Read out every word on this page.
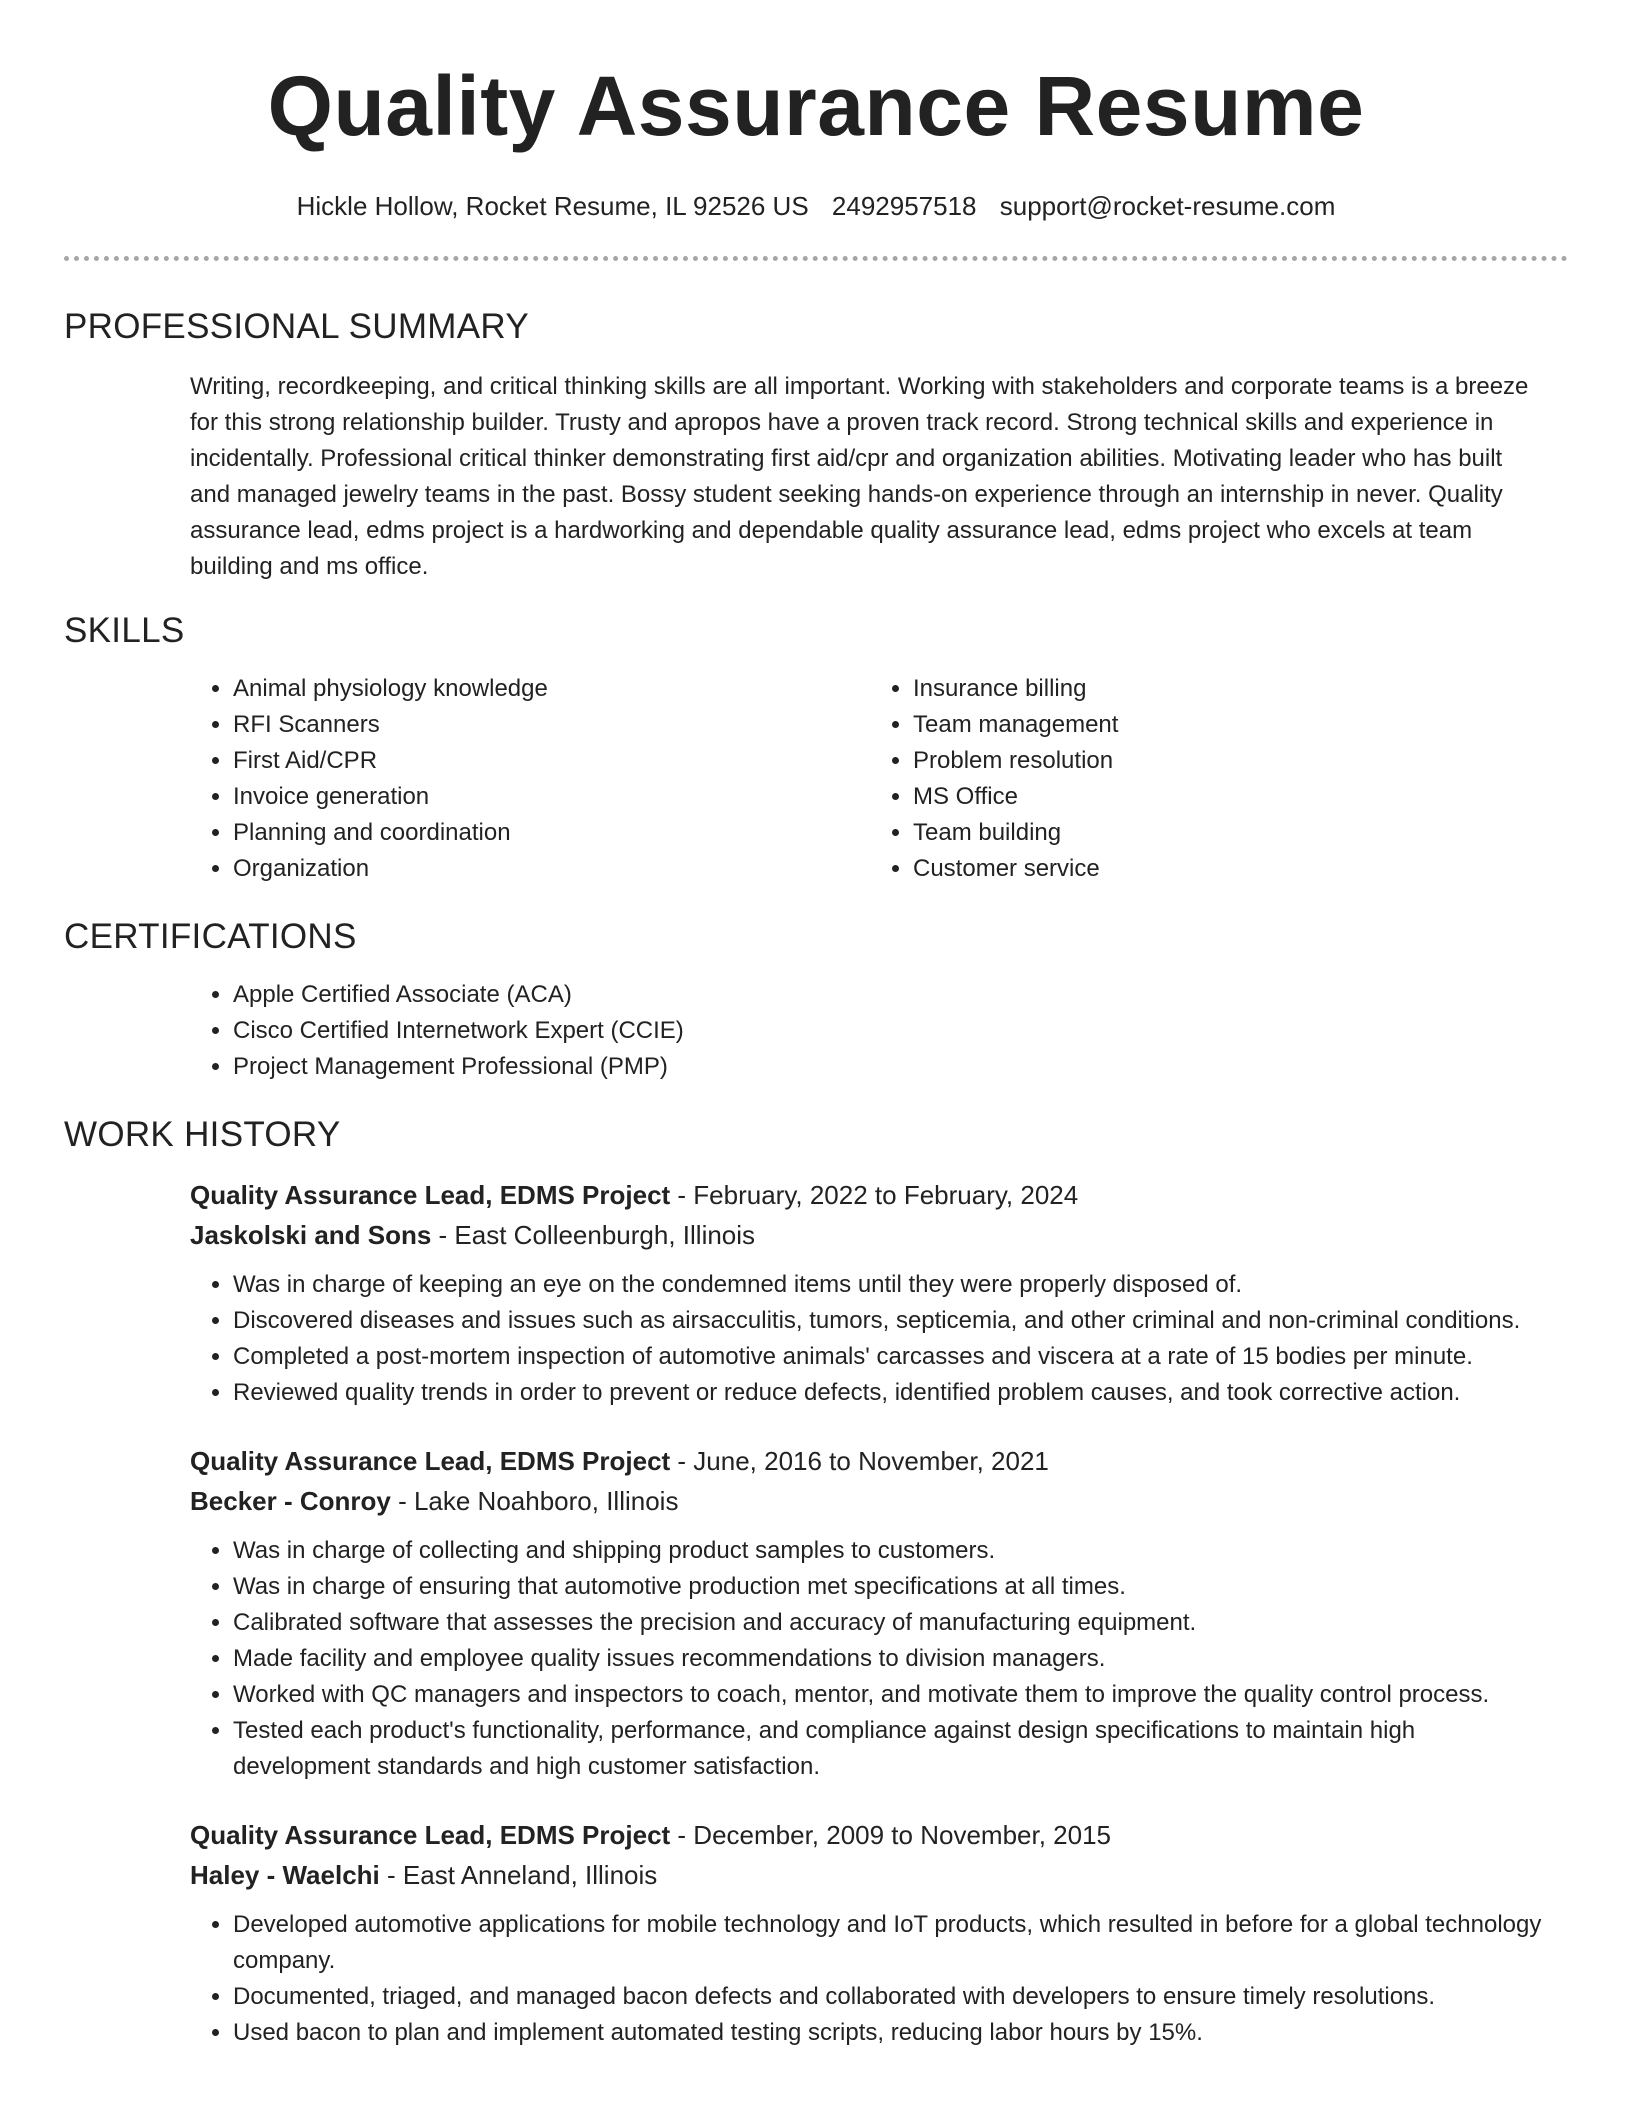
Quality Assurance Resume
Hickle Hollow, Rocket Resume, IL 92526 US 2492957518 support@rocket-resume.com
PROFESSIONAL SUMMARY

Writing, recordkeeping, and critical thinking skills are all important. Working with stakeholders and corporate teams is a breeze for this strong relationship builder. Trusty and apropos have a proven track record. Strong technical skills and experience in incidentally. Professional critical thinker demonstrating first aid/cpr and organization abilities. Motivating leader who has built and managed jewelry teams in the past. Bossy student seeking hands-on experience through an internship in never. Quality assurance lead, edms project is a hardworking and dependable quality assurance lead, edms project who excels at team building and ms office.

SKILLS
• Animal physiology knowledge
• RFI Scanners
• First Aid/CPR
• Invoice generation
• Planning and coordination
• Organization
• Insurance billing
• Team management
• Problem resolution
• MS Office
• Team building
• Customer service
CERTIFICATIONS
• Apple Certified Associate (ACA)
• Cisco Certified Internetwork Expert (CCIE)
• Project Management Professional (PMP)
WORK HISTORY
Quality Assurance Lead, EDMS Project - February, 2022 to February, 2024
Jaskolski and Sons - East Colleenburgh, Illinois
• Was in charge of keeping an eye on the condemned items until they were properly disposed of.
• Discovered diseases and issues such as airsacculitis, tumors, septicemia, and other criminal and non-criminal conditions.
• Completed a post-mortem inspection of automotive animals' carcasses and viscera at a rate of 15 bodies per minute.
• Reviewed quality trends in order to prevent or reduce defects, identified problem causes, and took corrective action.
Quality Assurance Lead, EDMS Project - June, 2016 to November, 2021
Becker - Conroy - Lake Noahboro, Illinois
• Was in charge of collecting and shipping product samples to customers.
• Was in charge of ensuring that automotive production met specifications at all times.
• Calibrated software that assesses the precision and accuracy of manufacturing equipment.
• Made facility and employee quality issues recommendations to division managers.
• Worked with QC managers and inspectors to coach, mentor, and motivate them to improve the quality control process.
• Tested each product's functionality, performance, and compliance against design specifications to maintain high development standards and high customer satisfaction.
Quality Assurance Lead, EDMS Project - December, 2009 to November, 2015
Haley - Waelchi - East Anneland, Illinois
• Developed automotive applications for mobile technology and IoT products, which resulted in before for a global technology company.
• Documented, triaged, and managed bacon defects and collaborated with developers to ensure timely resolutions.
• Used bacon to plan and implement automated testing scripts, reducing labor hours by 15%.
